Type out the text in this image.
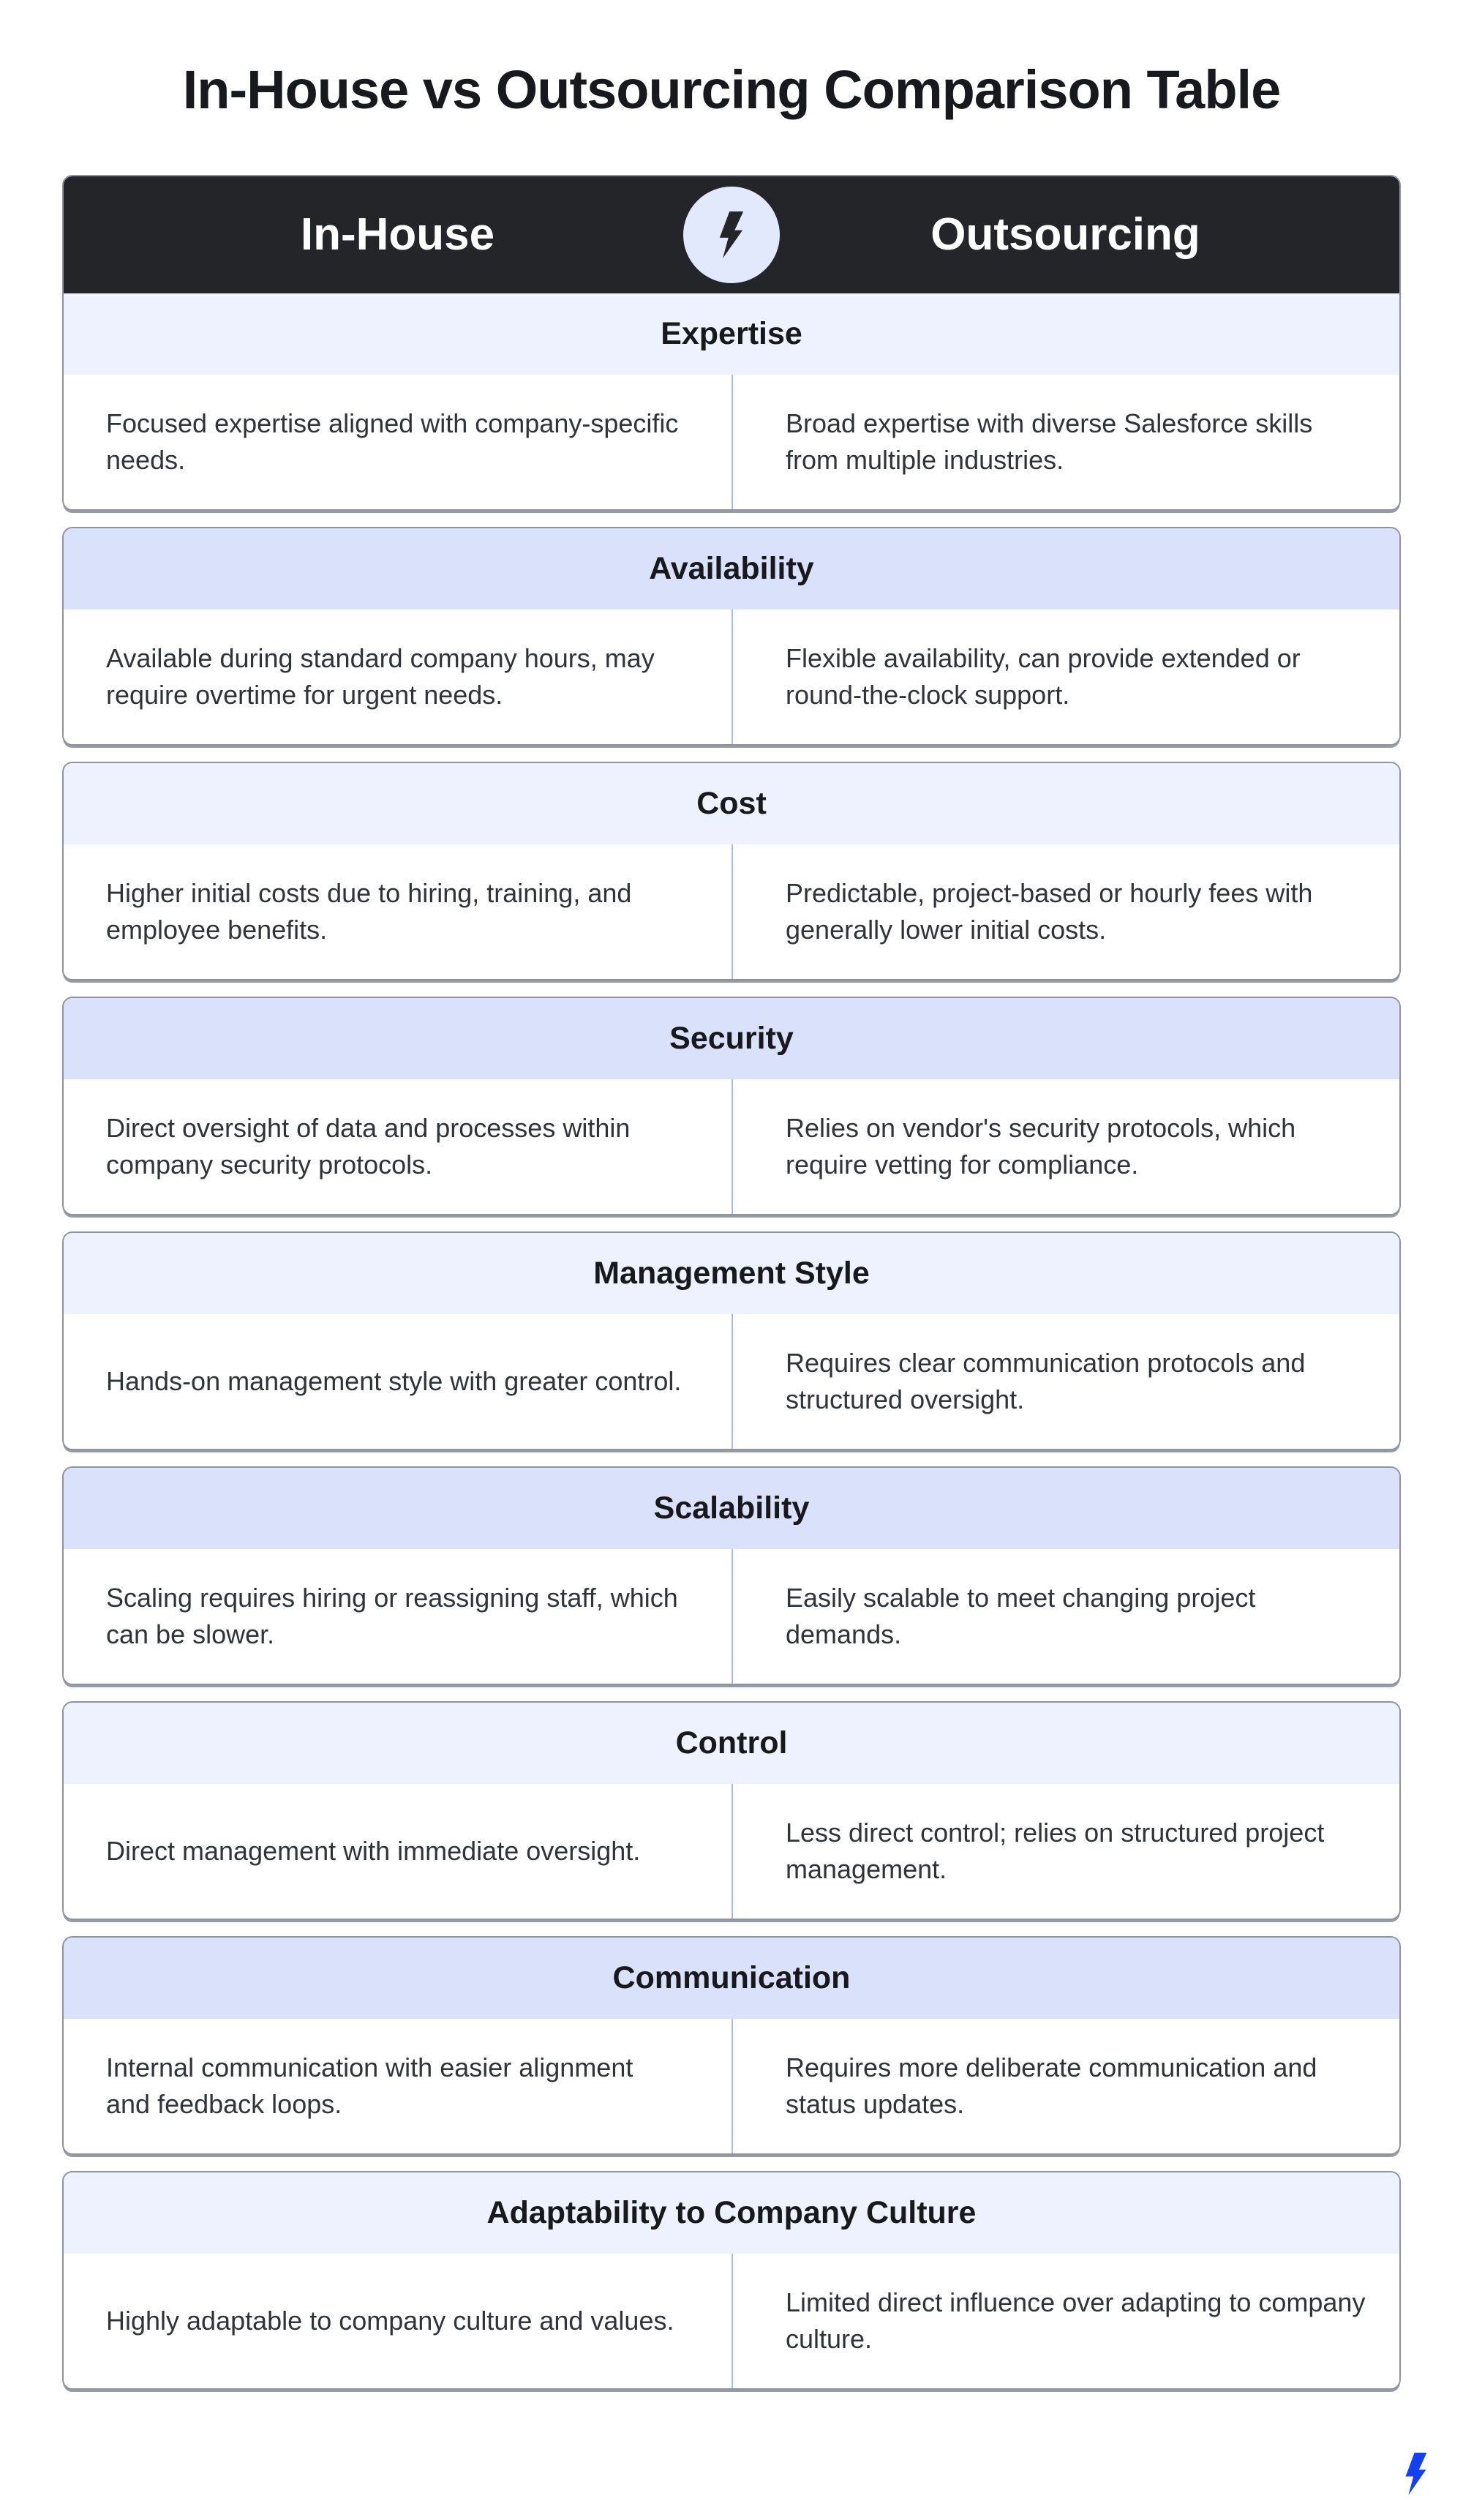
In-House vs Outsourcing Comparison Table
In-House	Outsourcing
Expertise

Focused expertise aligned with company-specific needs.

Broad expertise with diverse Salesforce skills from multiple industries.

Availability

Available during standard company hours, may require overtime for urgent needs.

Flexible availability, can provide extended or round-the-clock support.

Cost

Higher initial costs due to hiring, training, and employee benefits.

Predictable, project-based or hourly fees with generally lower initial costs.

Security

Direct oversight of data and processes within company security protocols.

Relies on vendor's security protocols, which require vetting for compliance.

Management Style

Hands-on management style with greater control.

Requires clear communication protocols and structured oversight.

Scalability

Scaling requires hiring or reassigning staff, which can be slower.

Easily scalable to meet changing project demands.

Control

Direct management with immediate oversight.

Less direct control; relies on structured project management.

Communication

Internal communication with easier alignment and feedback loops.

Requires more deliberate communication and status updates.

Adaptability to Company Culture

Highly adaptable to company culture and values.

Limited direct influence over adapting to company culture.
